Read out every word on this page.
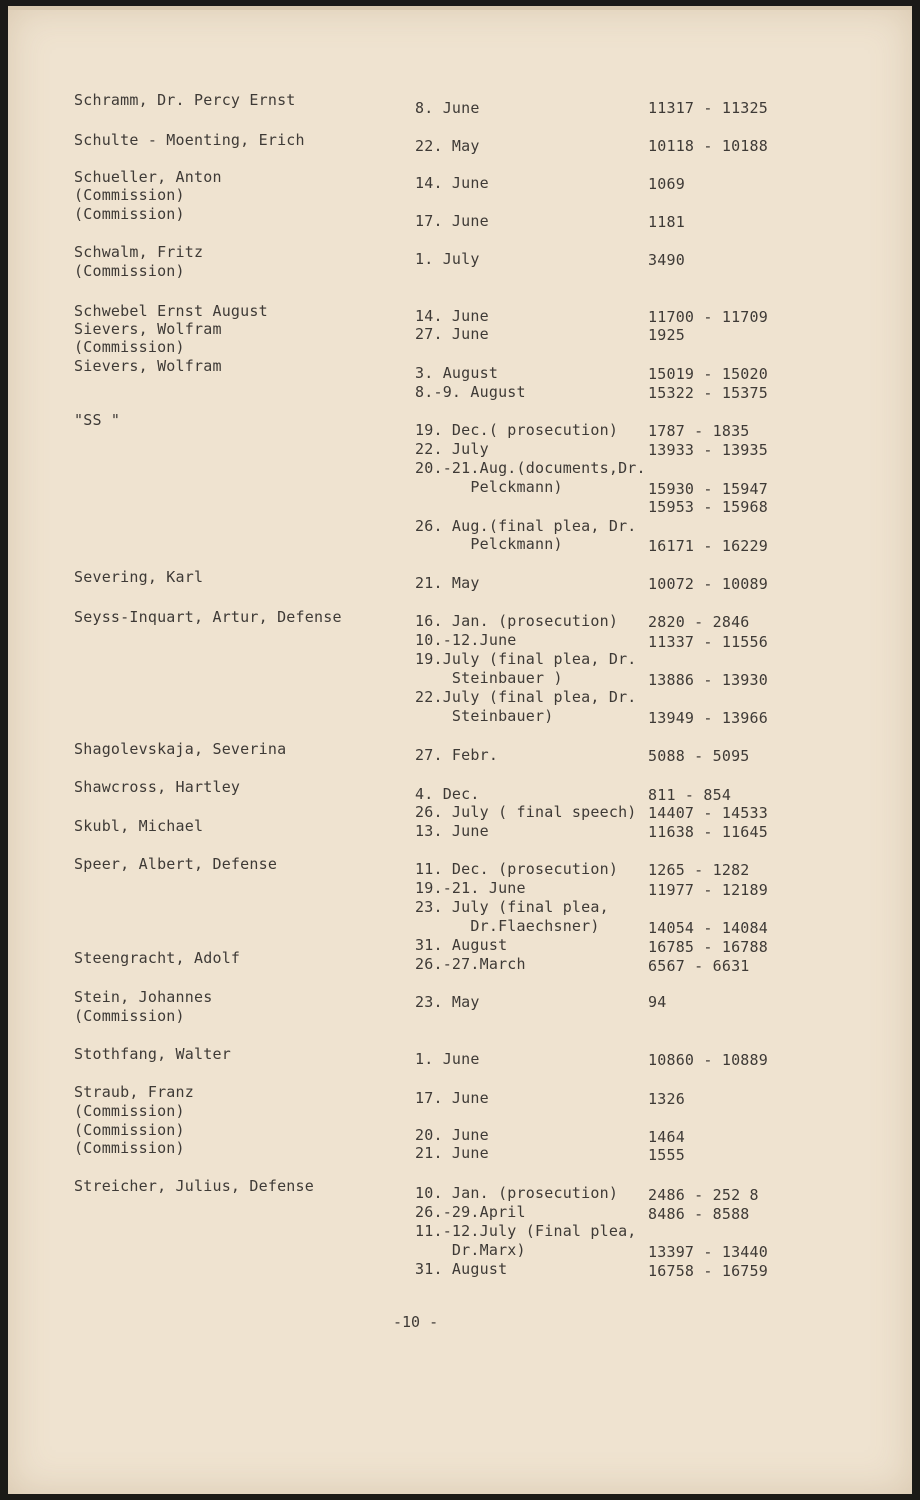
Schramm, Dr. Percy Ernst	8. June	11317 - 11325
Schulte - Moenting, Erich	22. May	10118 - 10188
Schueller, Anton	14. June	1069
(Commission)
(Commission)	17. June	1181
Schwalm, Fritz	1. July	3490
(Commission)
Schwebel Ernst August	14. June	11700 - 11709
Sievers, Wolfram	27. June	1925
(Commission)
Sievers, Wolfram	3. August	15019 - 15020
8.-9. August	15322 - 15375
"SS "
19. Dec.( prosecution) 1787 - 1835
22. July	13933 - 13935
20.-21.Aug.(documents,Dr.
Pelckmann)	15930 - 15947
15953 - 15968
26. Aug.(final plea, Dr.
Pelckmann)	16171 - 16229
Severing, Karl	21. May	10072 - 10089
Seyss-Inquart, Artur, Defense	16. Jan. (prosecution) 2820 - 2846
10.-12.June	11337 - 11556
19.July (final plea, Dr.
Steinbauer )	13886 - 13930
22.July (final plea, Dr.
Steinbauer)	13949 - 13966
Shagolevskaja, Severina	27. Febr.	5088 - 5095
Shawcross, Hartley	4. Dec.	811 - 854
26. July ( final speech) 14407 - 14533
Skubl, Michael	13. June	11638 - 11645
Speer, Albert, Defense	11. Dec. (prosecution) 1265 - 1282
19.-21. June	11977 - 12189
23. July (final plea,
Dr.Flaechsner)	14054 - 14084
31. August	16785 - 16788
Steengracht, Adolf	26.-27.March	6567 - 6631
Stein, Johannes	23. May	94
(Commission)
Stothfang, Walter	1. June	10860 - 10889
Straub, Franz	17. June	1326
(Commission)
(Commission)	20. June	1464
(Commission)	21. June	1555
Streicher, Julius, Defense	10. Jan. (prosecution) 2486 - 252 8
26.-29.April	8486 - 8588
11.-12.July (Final plea,
Dr.Marx)	13397 - 13440
31. August	16758 - 16759
-10 -
